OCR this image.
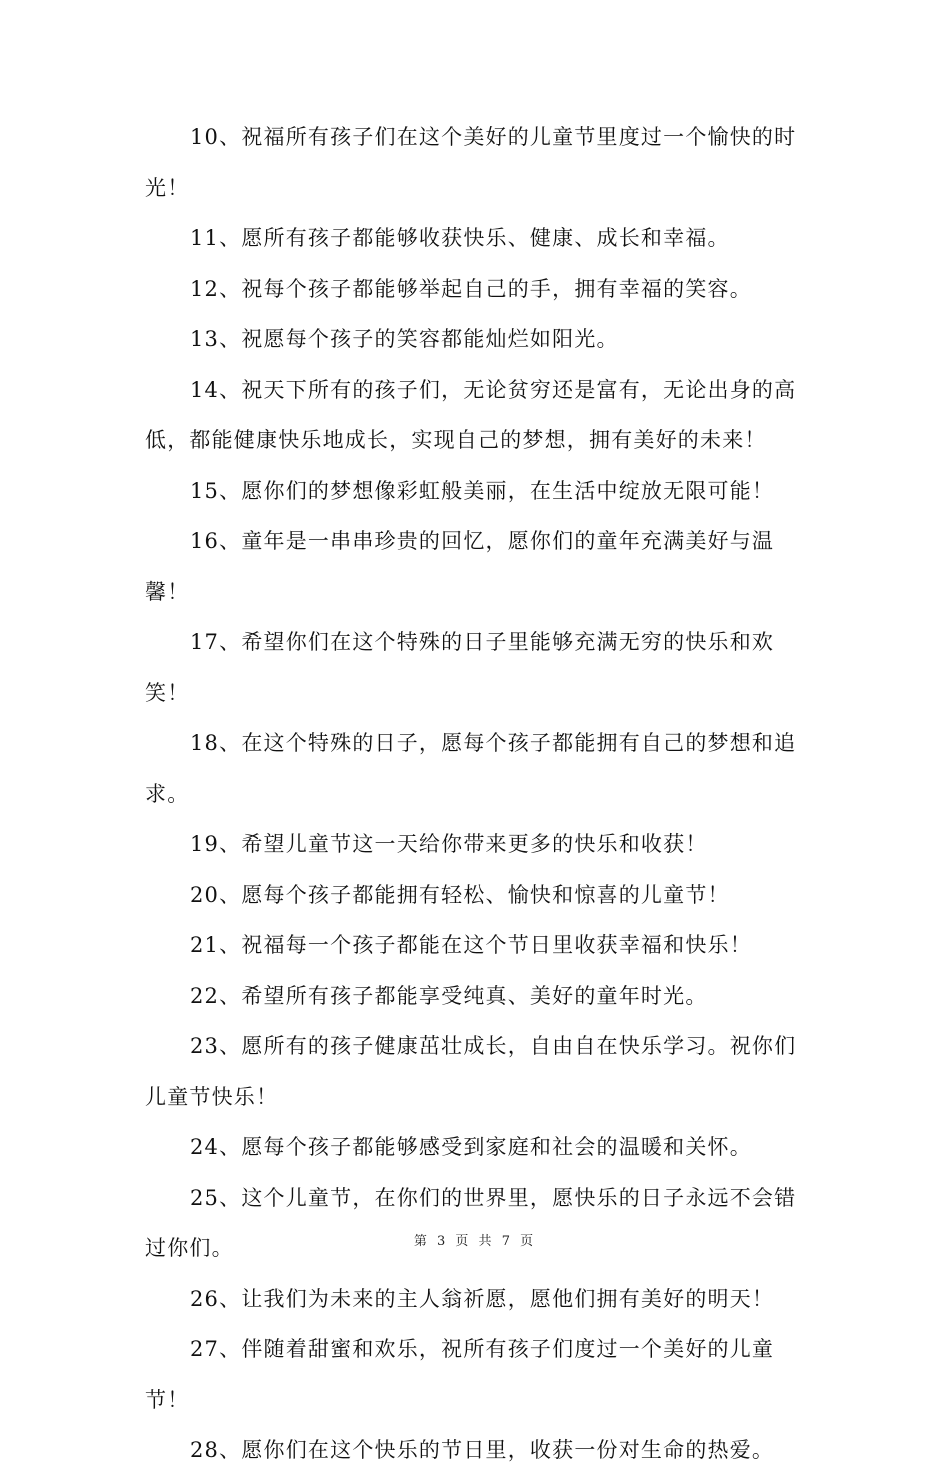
10、祝福所有孩子们在这个美好的儿童节里度过一个愉快的时光！

11、愿所有孩子都能够收获快乐、健康、成长和幸福。

12、祝每个孩子都能够举起自己的手，拥有幸福的笑容。

13、祝愿每个孩子的笑容都能灿烂如阳光。

14、祝天下所有的孩子们，无论贫穷还是富有，无论出身的高低，都能健康快乐地成长，实现自己的梦想，拥有美好的未来！

15、愿你们的梦想像彩虹般美丽，在生活中绽放无限可能！

16、童年是一串串珍贵的回忆，愿你们的童年充满美好与温馨！

17、希望你们在这个特殊的日子里能够充满无穷的快乐和欢笑！

18、在这个特殊的日子，愿每个孩子都能拥有自己的梦想和追求。

19、希望儿童节这一天给你带来更多的快乐和收获！

20、愿每个孩子都能拥有轻松、愉快和惊喜的儿童节！

21、祝福每一个孩子都能在这个节日里收获幸福和快乐！

22、希望所有孩子都能享受纯真、美好的童年时光。

23、愿所有的孩子健康茁壮成长，自由自在快乐学习。祝你们儿童节快乐！

24、愿每个孩子都能够感受到家庭和社会的温暖和关怀。

25、这个儿童节，在你们的世界里，愿快乐的日子永远不会错过你们。

26、让我们为未来的主人翁祈愿，愿他们拥有美好的明天！

27、伴随着甜蜜和欢乐，祝所有孩子们度过一个美好的儿童节！

28、愿你们在这个快乐的节日里，收获一份对生命的热爱。

第 3 页 共 7 页
